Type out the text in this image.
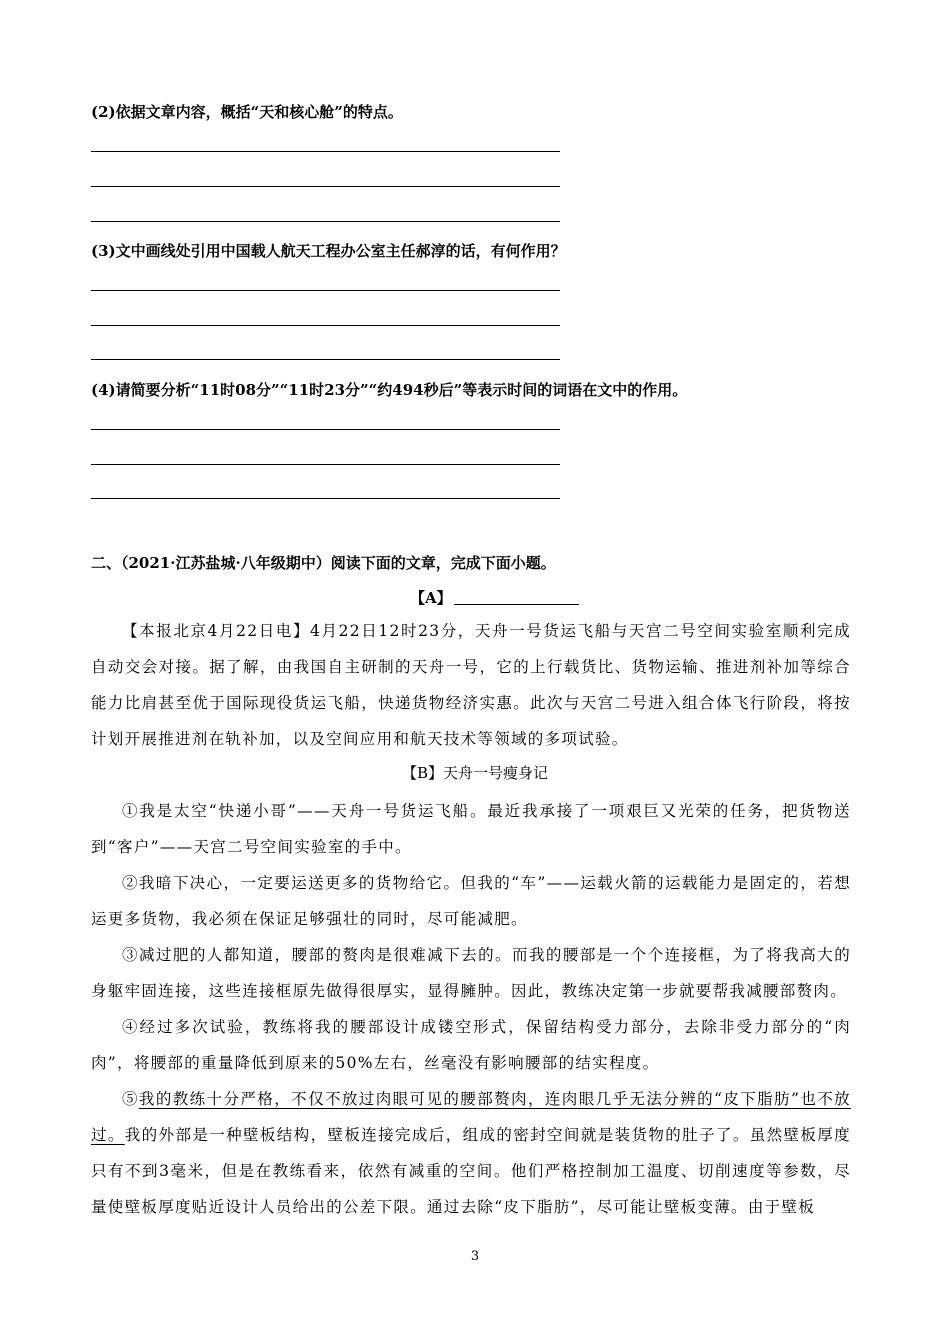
(2)依据文章内容，概括“天和核心舱”的特点。
(3)文中画线处引用中国载人航天工程办公室主任郝淳的话，有何作用？
(4)请简要分析“11时08分”“11时23分”“约494秒后”等表示时间的词语在文中的作用。
二、（2021·江苏盐城·八年级期中）阅读下面的文章，完成下面小题。
【A】

【本报北京4月22日电】4月22日12时23分，天舟一号货运飞船与天宫二号空间实验室顺利完成自动交会对接。据了解，由我国自主研制的天舟一号，它的上行载货比、货物运输、推进剂补加等综合能力比肩甚至优于国际现役货运飞船，快递货物经济实惠。此次与天宫二号进入组合体飞行阶段，将按计划开展推进剂在轨补加，以及空间应用和航天技术等领域的多项试验。

【B】天舟一号瘦身记

①我是太空“快递小哥”——天舟一号货运飞船。最近我承接了一项艰巨又光荣的任务，把货物送到“客户”——天宫二号空间实验室的手中。

②我暗下决心，一定要运送更多的货物给它。但我的“车”——运载火箭的运载能力是固定的，若想运更多货物，我必须在保证足够强壮的同时，尽可能减肥。

③减过肥的人都知道，腰部的赘肉是很难减下去的。而我的腰部是一个个连接框，为了将我高大的身躯牢固连接，这些连接框原先做得很厚实，显得臃肿。因此，教练决定第一步就要帮我减腰部赘肉。

④经过多次试验，教练将我的腰部设计成镂空形式，保留结构受力部分，去除非受力部分的“肉肉”，将腰部的重量降低到原来的50%左右，丝毫没有影响腰部的结实程度。

⑤我的教练十分严格，不仅不放过肉眼可见的腰部赘肉，连肉眼几乎无法分辨的“皮下脂肪”也不放过。我的外部是一种壁板结构，壁板连接完成后，组成的密封空间就是装货物的肚子了。虽然壁板厚度只有不到3毫米，但是在教练看来，依然有减重的空间。他们严格控制加工温度、切削速度等参数，尽量使壁板厚度贴近设计人员给出的公差下限。通过去除“皮下脂肪”，尽可能让壁板变薄。由于壁板

3
